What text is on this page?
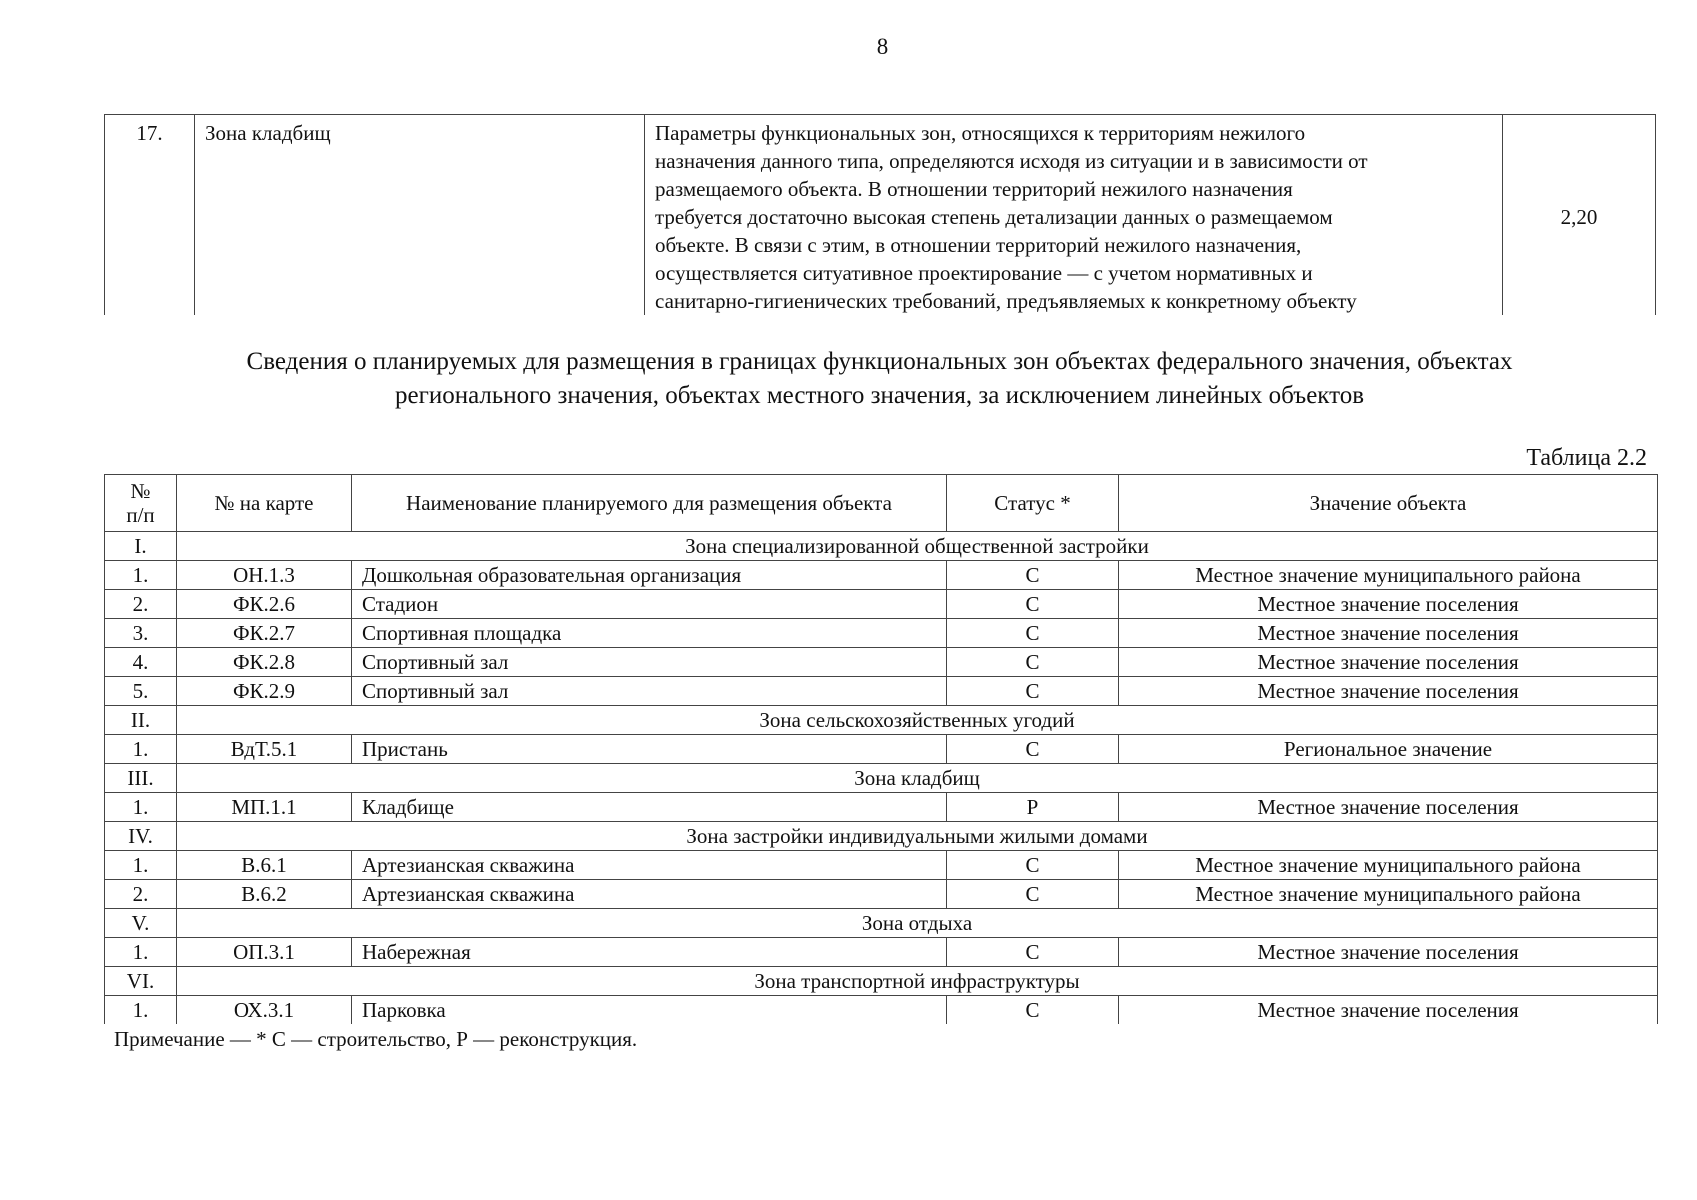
8
17.	Зона кладбищ	Параметры функциональных зон, относящихся к территориям нежилого
назначения данного типа, определяются исходя из ситуации и в зависимости от
размещаемого объекта. В отношении территорий нежилого назначения
требуется достаточно высокая степень детализации данных о размещаемом
объекте. В связи с этим, в отношении территорий нежилого назначения,
осуществляется ситуативное проектирование — с учетом нормативных и
санитарно-гигиенических требований, предъявляемых к конкретному объекту
	2,20
Сведения о планируемых для размещения в границах функциональных зон объектах федерального значения, объектах
регионального значения, объектах местного значения, за исключением линейных объектов
Таблица 2.2
№
п/п	№ на карте	Наименование планируемого для размещения объекта	Статус *	Значение объекта
I.	Зона специализированной общественной застройки			
1.	ОН.1.3	Дошкольная образовательная организация	С	Местное значение муниципального района
2.	ФК.2.6	Стадион	С	Местное значение поселения
3.	ФК.2.7	Спортивная площадка	С	Местное значение поселения
4.	ФК.2.8	Спортивный зал	С	Местное значение поселения
5.	ФК.2.9	Спортивный зал	С	Местное значение поселения
II.	Зона сельскохозяйственных угодий			
1.	ВдТ.5.1	Пристань	С	Региональное значение
III.	Зона кладбищ			
1.	МП.1.1	Кладбище	Р	Местное значение поселения
IV.	Зона застройки индивидуальными жилыми домами			
1.	В.6.1	Артезианская скважина	С	Местное значение муниципального района
2.	В.6.2	Артезианская скважина	С	Местное значение муниципального района
V.	Зона отдыха			
1.	ОП.3.1	Набережная	С	Местное значение поселения
VI.	Зона транспортной инфраструктуры			
1.	ОХ.3.1	Парковка	С	Местное значение поселения
Примечание — * С — строительство, Р — реконструкция.
